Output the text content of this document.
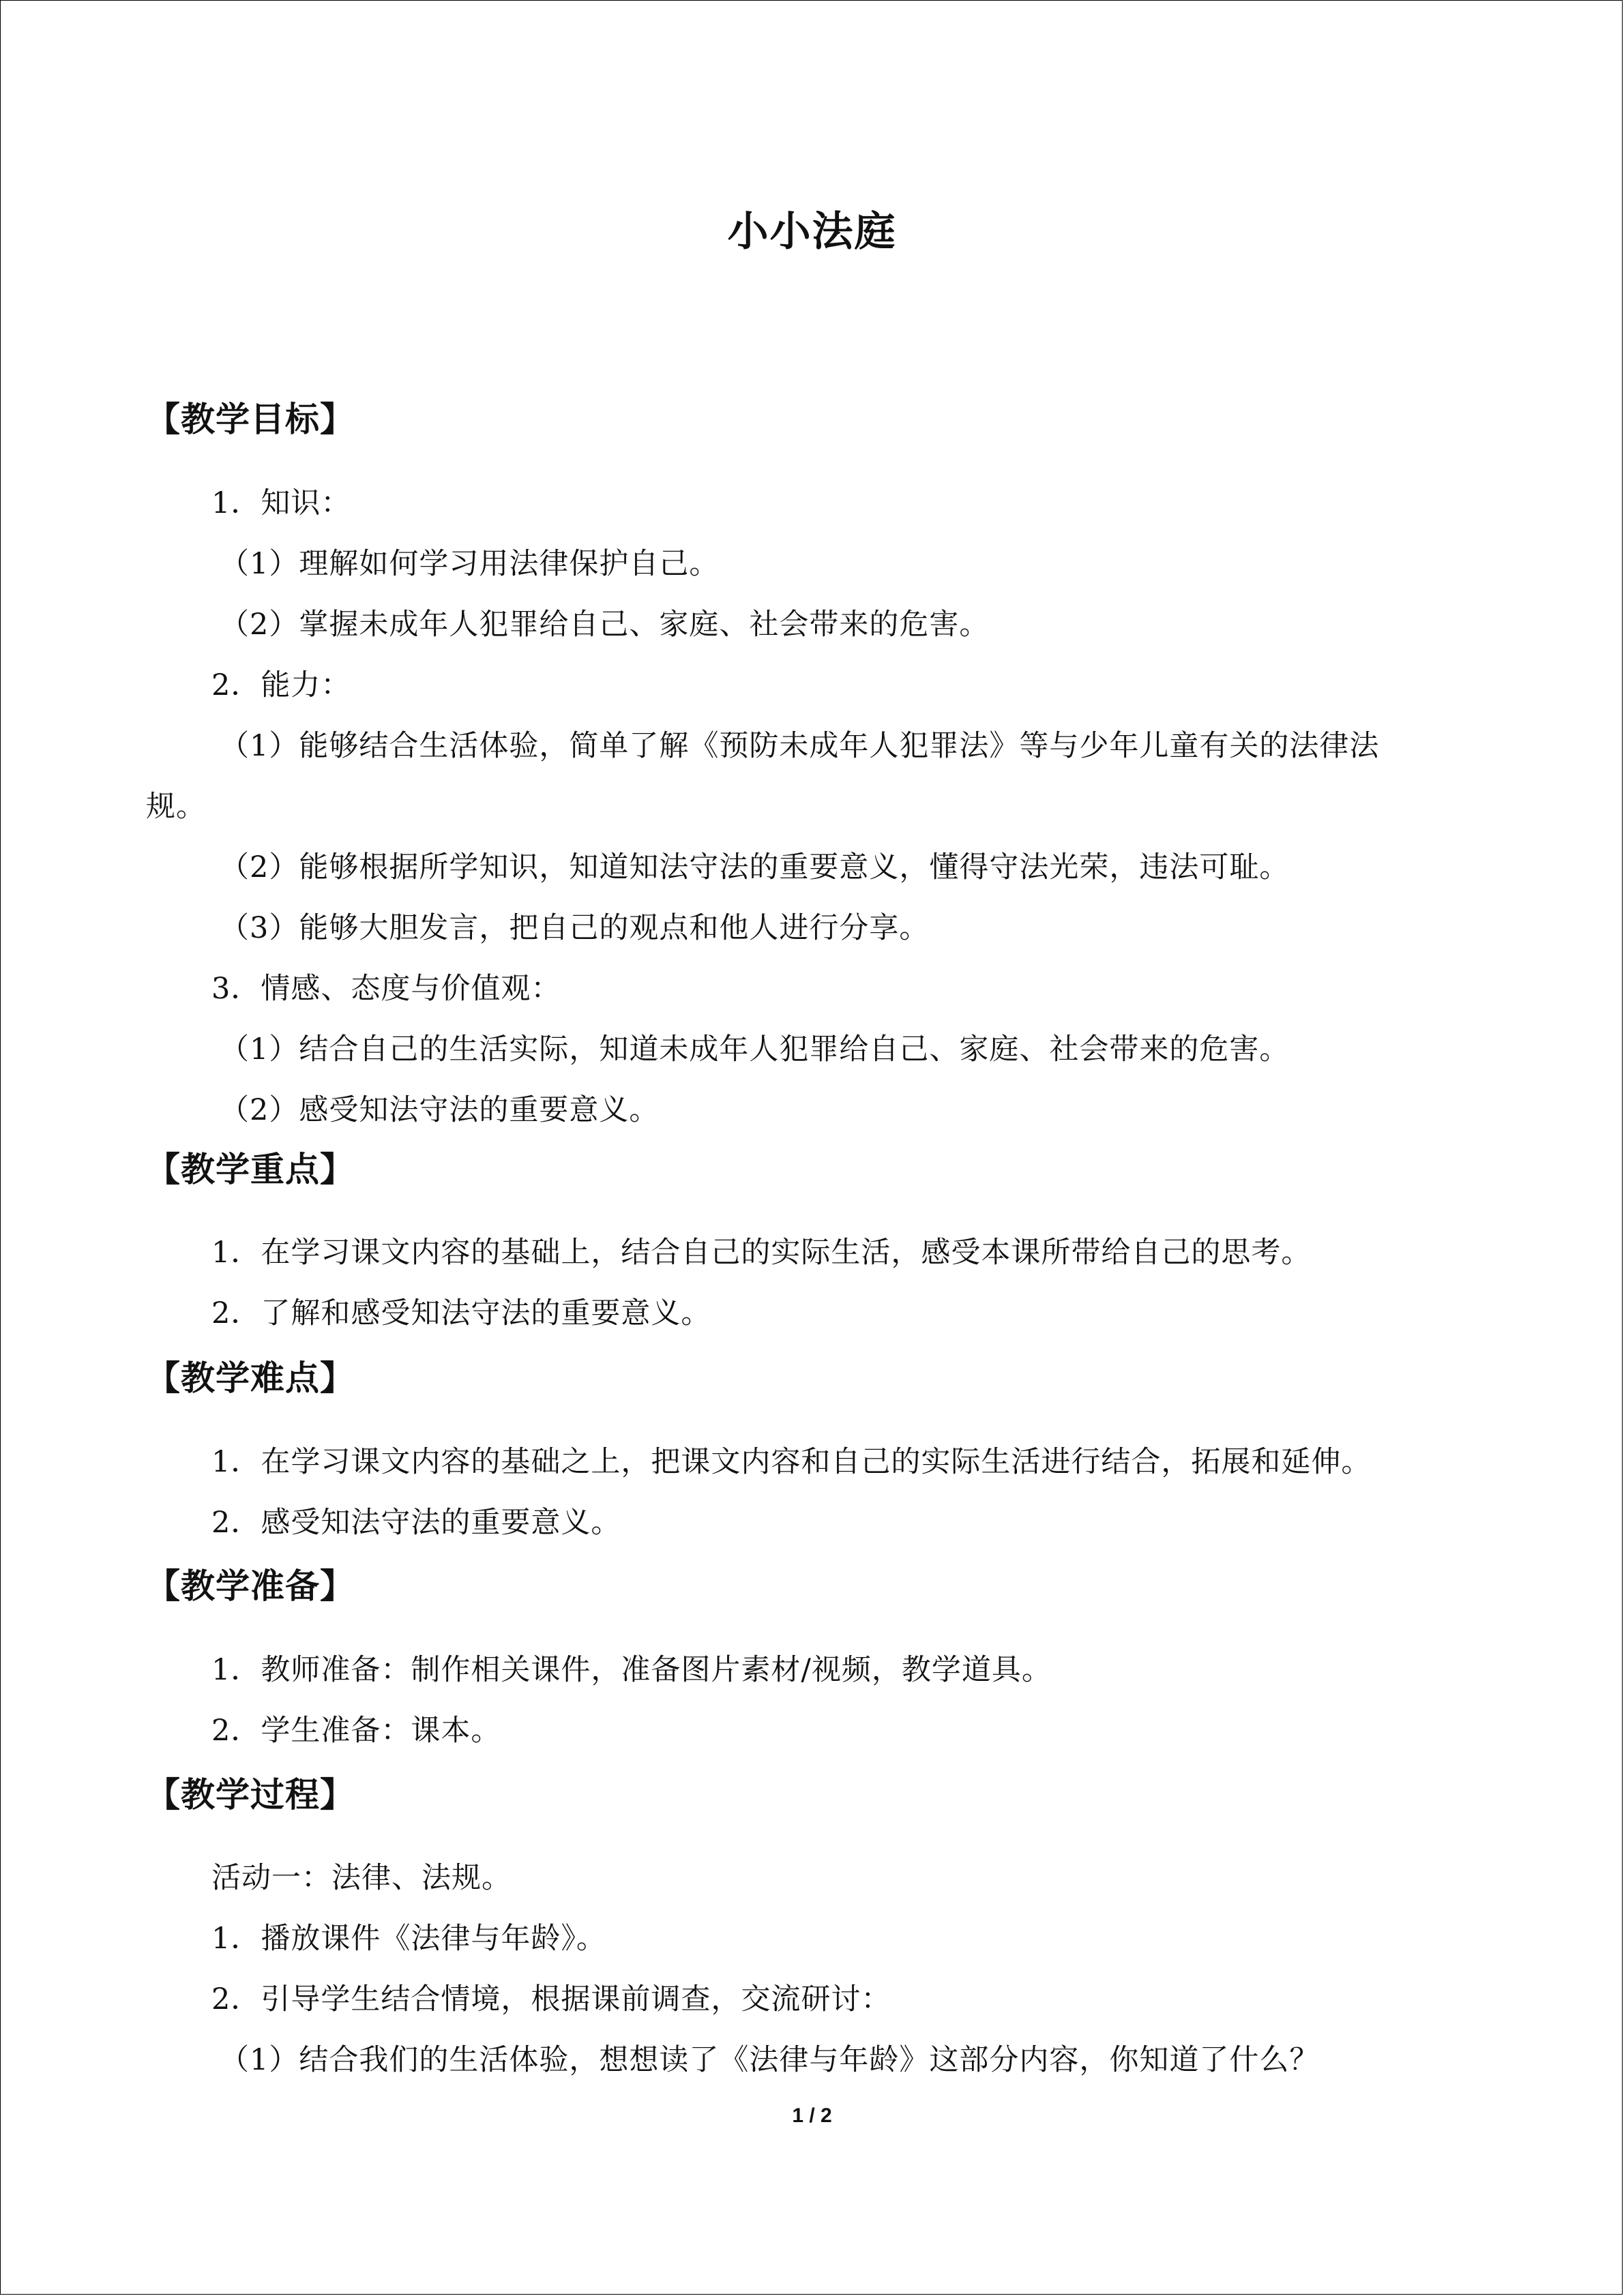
小小法庭
【教学目标】
1．知识：
（1）理解如何学习用法律保护自己。
（2）掌握未成年人犯罪给自己、家庭、社会带来的危害。
2．能力：
（1）能够结合生活体验，简单了解《预防未成年人犯罪法》等与少年儿童有关的法律法
规。
（2）能够根据所学知识，知道知法守法的重要意义，懂得守法光荣，违法可耻。
（3）能够大胆发言，把自己的观点和他人进行分享。
3．情感、态度与价值观：
（1）结合自己的生活实际，知道未成年人犯罪给自己、家庭、社会带来的危害。
（2）感受知法守法的重要意义。
【教学重点】
1．在学习课文内容的基础上，结合自己的实际生活，感受本课所带给自己的思考。
2．了解和感受知法守法的重要意义。
【教学难点】
1．在学习课文内容的基础之上，把课文内容和自己的实际生活进行结合，拓展和延伸。
2．感受知法守法的重要意义。
【教学准备】
1．教师准备：制作相关课件，准备图片素材/视频，教学道具。
2．学生准备：课本。
【教学过程】
活动一：法律、法规。
1．播放课件《法律与年龄》。
2．引导学生结合情境，根据课前调查，交流研讨：
（1）结合我们的生活体验，想想读了《法律与年龄》这部分内容，你知道了什么？
1 / 2
